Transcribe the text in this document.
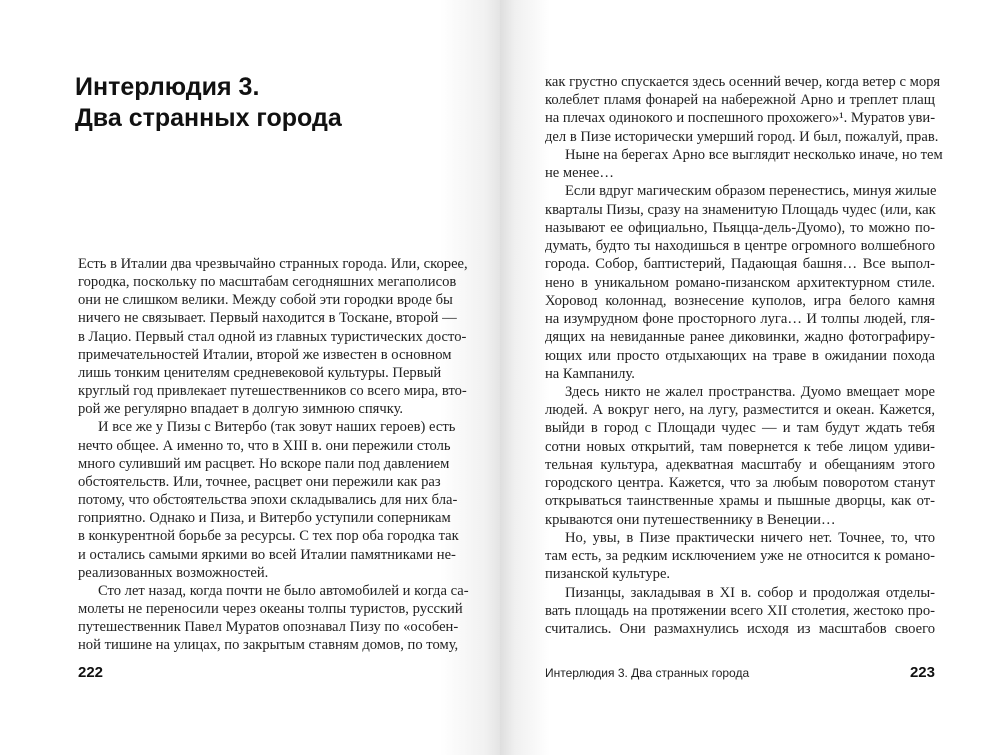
Интерлюдия 3.
Два странных города
Есть в Италии два чрезвычайно странных города. Или, скорее,
городка, поскольку по масштабам сегодняшних мегаполисов
они не слишком велики. Между собой эти городки вроде бы
ничего не связывает. Первый находится в Тоскане, второй —
в Лацио. Первый стал одной из главных туристических досто-
примечательностей Италии, второй же известен в основном
лишь тонким ценителям средневековой культуры. Первый
круглый год привлекает путешественников со всего мира, вто-
рой же регулярно впадает в долгую зимнюю спячку.
И все же у Пизы с Витербо (так зовут наших героев) есть
нечто общее. А именно то, что в XIII в. они пережили столь
много суливший им расцвет. Но вскоре пали под давлением
обстоятельств. Или, точнее, расцвет они пережили как раз
потому, что обстоятельства эпохи складывались для них бла-
гоприятно. Однако и Пиза, и Витербо уступили соперникам
в конкурентной борьбе за ресурсы. С тех пор оба городка так
и остались самыми яркими во всей Италии памятниками не-
реализованных возможностей.
Сто лет назад, когда почти не было автомобилей и когда са-
молеты не переносили через океаны толпы туристов, русский
путешественник Павел Муратов опознавал Пизу по «особен-
ной тишине на улицах, по закрытым ставням домов, по тому,
222
как грустно спускается здесь осенний вечер, когда ветер с моря
колеблет пламя фонарей на набережной Арно и треплет плащ
на плечах одинокого и поспешного прохожего»¹. Муратов уви-
дел в Пизе исторически умерший город. И был, пожалуй, прав.
Ныне на берегах Арно все выглядит несколько иначе, но тем
не менее…
Если вдруг магическим образом перенестись, минуя жилые
кварталы Пизы, сразу на знаменитую Площадь чудес (или, как
называют ее официально, Пьяцца-дель-Дуомо), то можно по-
думать, будто ты находишься в центре огромного волшебного
города. Собор, баптистерий, Падающая башня… Все выпол-
нено в уникальном романо-пизанском архитектурном стиле.
Хоровод колоннад, вознесение куполов, игра белого камня
на изумрудном фоне просторного луга… И толпы людей, гля-
дящих на невиданные ранее диковинки, жадно фотографиру-
ющих или просто отдыхающих на траве в ожидании похода
на Кампанилу.
Здесь никто не жалел пространства. Дуомо вмещает море
людей. А вокруг него, на лугу, разместится и океан. Кажется,
выйди в город с Площади чудес — и там будут ждать тебя
сотни новых открытий, там повернется к тебе лицом удиви-
тельная культура, адекватная масштабу и обещаниям этого
городского центра. Кажется, что за любым поворотом станут
открываться таинственные храмы и пышные дворцы, как от-
крываются они путешественнику в Венеции…
Но, увы, в Пизе практически ничего нет. Точнее, то, что
там есть, за редким исключением уже не относится к романо-
пизанской культуре.
Пизанцы, закладывая в XI в. собор и продолжая отделы-
вать площадь на протяжении всего XII столетия, жестоко про-
считались. Они размахнулись исходя из масштабов своего
Интерлюдия 3. Два странных города	223
